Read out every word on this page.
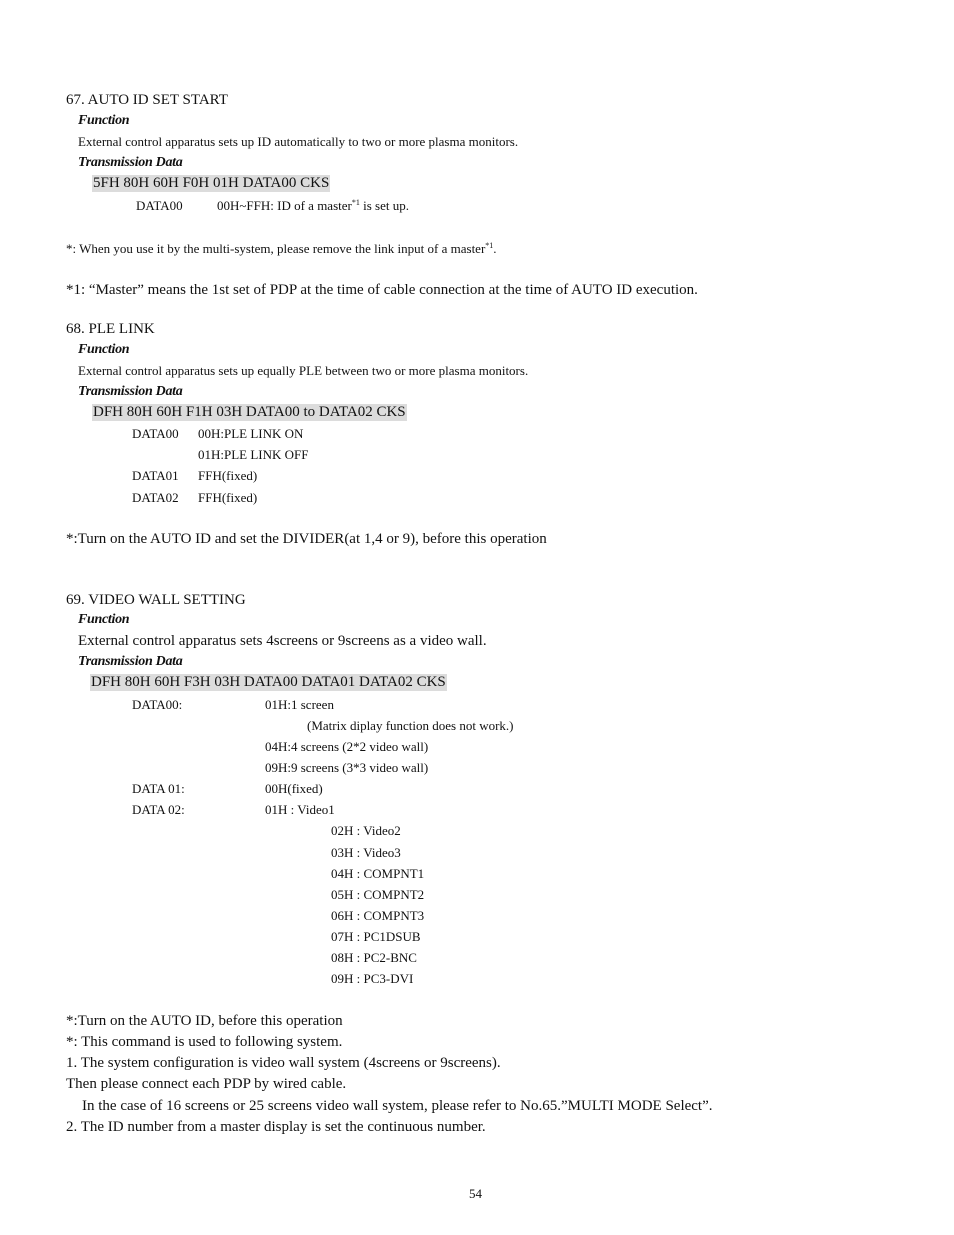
67. AUTO ID SET START
Function
External control apparatus sets up ID automatically to two or more plasma monitors.
Transmission Data
5FH 80H 60H F0H 01H DATA00 CKS
DATA00	00H~FFH: ID of a master$^{*1}$ is set up.
*: When you use it by the multi-system, please remove the link input of a master$^{*1}$.
*1: “Master” means the 1st set of PDP at the time of cable connection at the time of AUTO ID execution.
68. PLE LINK
Function
External control apparatus sets up equally PLE between two or more plasma monitors.
Transmission Data
DFH 80H 60H F1H 03H DATA00 to DATA02 CKS
DATA00 00H:PLE LINK ON
01H:PLE LINK OFF
DATA01 FFH(fixed)
DATA02 FFH(fixed)
*:Turn on the AUTO ID and set the DIVIDER(at 1,4 or 9), before this operation
69. VIDEO WALL SETTING
Function
External control apparatus sets 4screens or 9screens as a video wall.
Transmission Data
DFH 80H 60H F3H 03H DATA00 DATA01 DATA02 CKS
DATA00:	01H:1 screen
(Matrix diplay function does not work.)
04H:4 screens (2*2 video wall)
09H:9 screens (3*3 video wall)
DATA 01:	00H(fixed)
DATA 02:	01H : Video1
02H : Video2
03H : Video3
04H : COMPNT1
05H : COMPNT2
06H : COMPNT3
07H : PC1DSUB
08H : PC2-BNC
09H : PC3-DVI
*:Turn on the AUTO ID, before this operation
*: This command is used to following system.
1. The system configuration is video wall system (4screens or 9screens).
Then please connect each PDP by wired cable.
In the case of 16 screens or 25 screens video wall system, please refer to No.65.”MULTI MODE Select”.
2. The ID number from a master display is set the continuous number.
54
